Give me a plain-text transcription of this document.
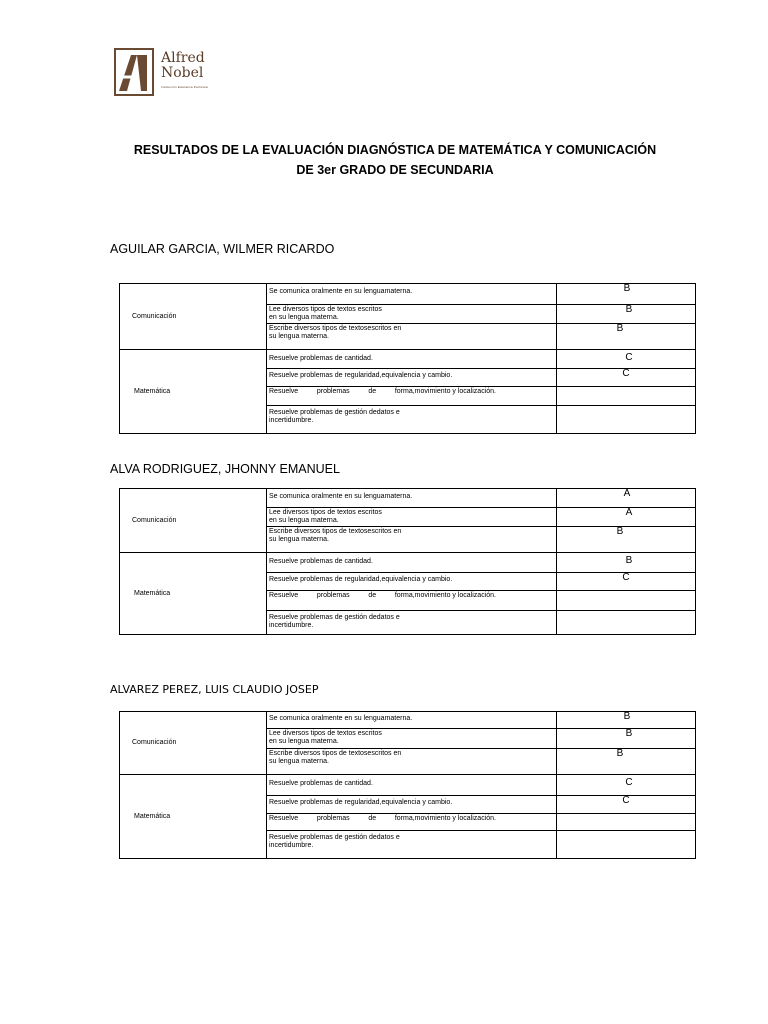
Alfred
Nobel
Institución Educativa Particular
RESULTADOS DE LA EVALUACIÓN DIAGNÓSTICA DE MATEMÁTICA Y COMUNICACIÓN
DE 3er GRADO DE SECUNDARIA
AGUILAR GARCIA, WILMER RICARDO
Comunicación	Se comunica oralmente en su lenguamaterna.	B

	Lee diversos tipos de textos escritos
en su lengua materna.	B

	Escribe diversos tipos de textosescritos en
su lengua materna.	B

Matemática	Resuelve problemas de cantidad.	C

	Resuelve problemas de regularidad,equivalencia y cambio.	C

	Resuelve problemas de forma,movimiento y localización.	

	Resuelve problemas de gestión dedatos e
incertidumbre.	

ALVA RODRIGUEZ, JHONNY EMANUEL
Comunicación	Se comunica oralmente en su lenguamaterna.	A

	Lee diversos tipos de textos escritos
en su lengua materna.	A

	Escribe diversos tipos de textosescritos en
su lengua materna.	B

Matemática	Resuelve problemas de cantidad.	B

	Resuelve problemas de regularidad,equivalencia y cambio.	C

	Resuelve problemas de forma,movimiento y localización.	

	Resuelve problemas de gestión dedatos e
incertidumbre.	

ALVAREZ PEREZ, LUIS CLAUDIO JOSEP
Comunicación	Se comunica oralmente en su lenguamaterna.	B

	Lee diversos tipos de textos escritos
en su lengua materna.	B

	Escribe diversos tipos de textosescritos en
su lengua materna.	B

Matemática	Resuelve problemas de cantidad.	C

	Resuelve problemas de regularidad,equivalencia y cambio.	C

	Resuelve problemas de forma,movimiento y localización.	

	Resuelve problemas de gestión dedatos e
incertidumbre.	
